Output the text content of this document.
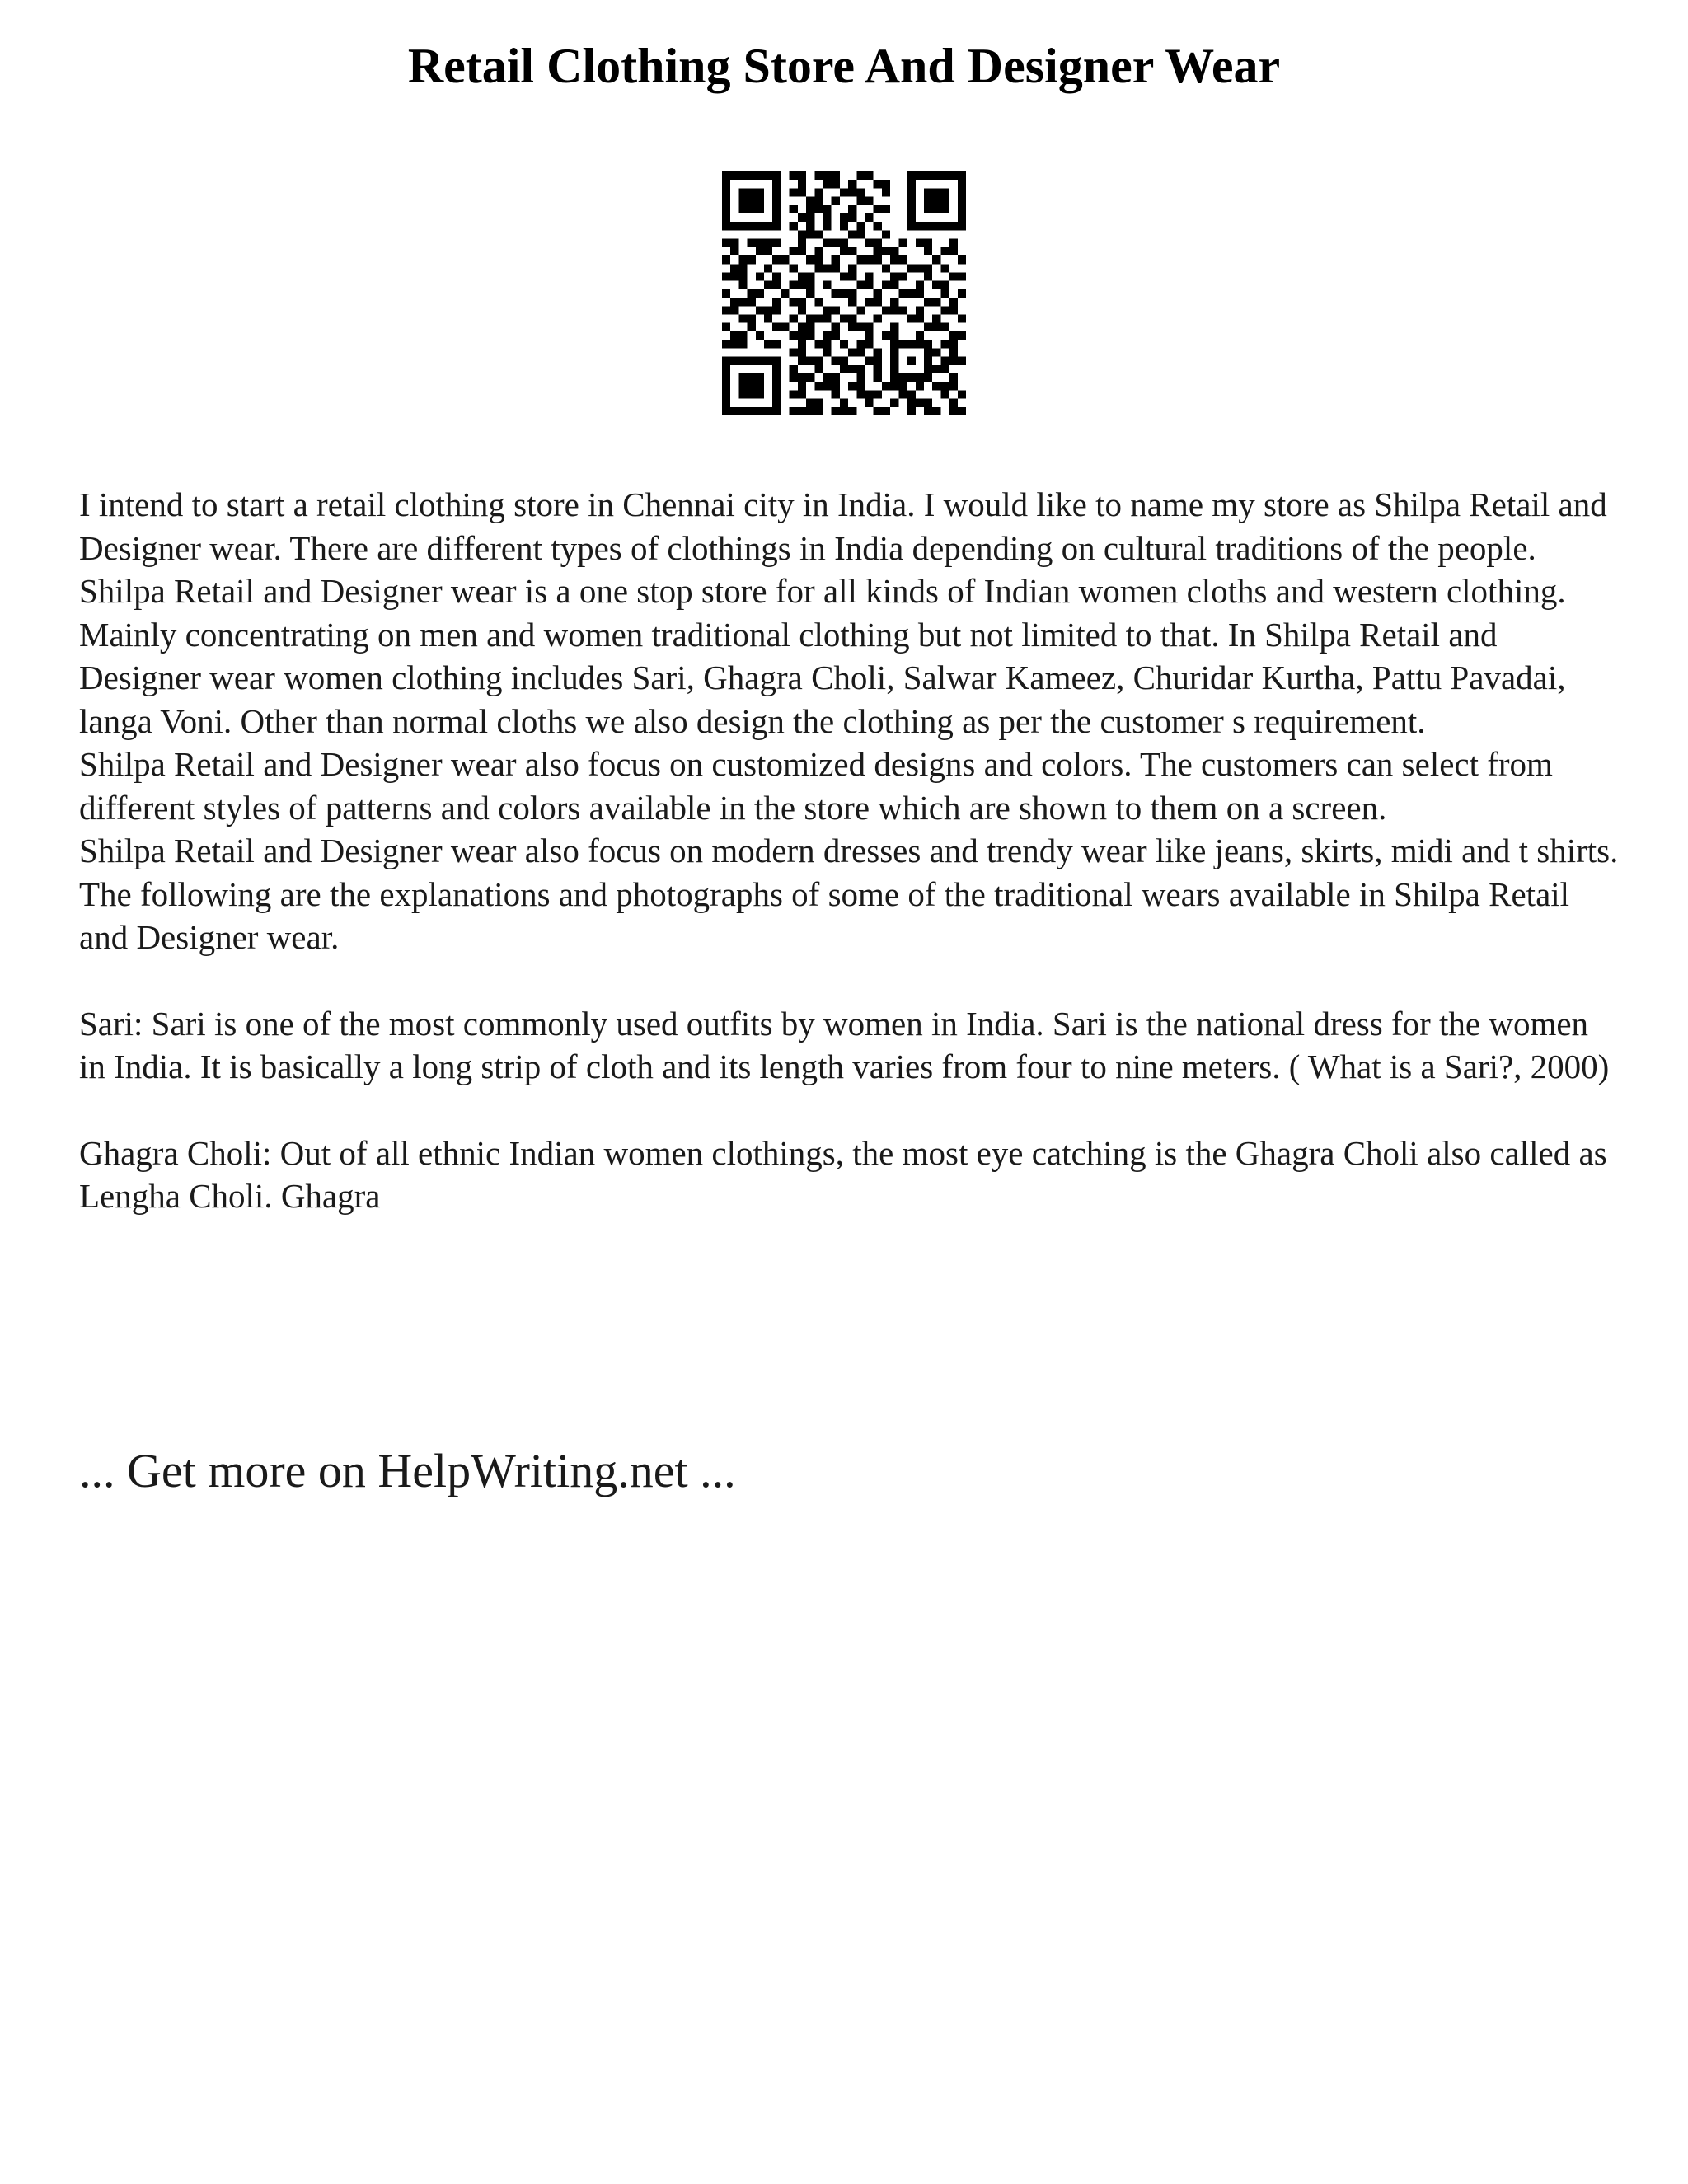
Retail Clothing Store And Designer Wear

I intend to start a retail clothing store in Chennai city in India. I would like to name my store as Shilpa Retail and Designer wear. There are different types of clothings in India depending on cultural traditions of the people. Shilpa Retail and Designer wear is a one stop store for all kinds of Indian women cloths and western clothing.

Mainly concentrating on men and women traditional clothing but not limited to that. In Shilpa Retail and Designer wear women clothing includes Sari, Ghagra Choli, Salwar Kameez, Churidar Kurtha, Pattu Pavadai, langa Voni. Other than normal cloths we also design the clothing as per the customer s requirement.

Shilpa Retail and Designer wear also focus on customized designs and colors. The customers can select from different styles of patterns and colors available in the store which are shown to them on a screen.

Shilpa Retail and Designer wear also focus on modern dresses and trendy wear like jeans, skirts, midi and t shirts. The following are the explanations and photographs of some of the traditional wears available in Shilpa Retail and Designer wear.

Sari: Sari is one of the most commonly used outfits by women in India. Sari is the national dress for the women in India. It is basically a long strip of cloth and its length varies from four to nine meters. ( What is a Sari?, 2000)

Ghagra Choli: Out of all ethnic Indian women clothings, the most eye catching is the Ghagra Choli also called as Lengha Choli. Ghagra

... Get more on HelpWriting.net ...
